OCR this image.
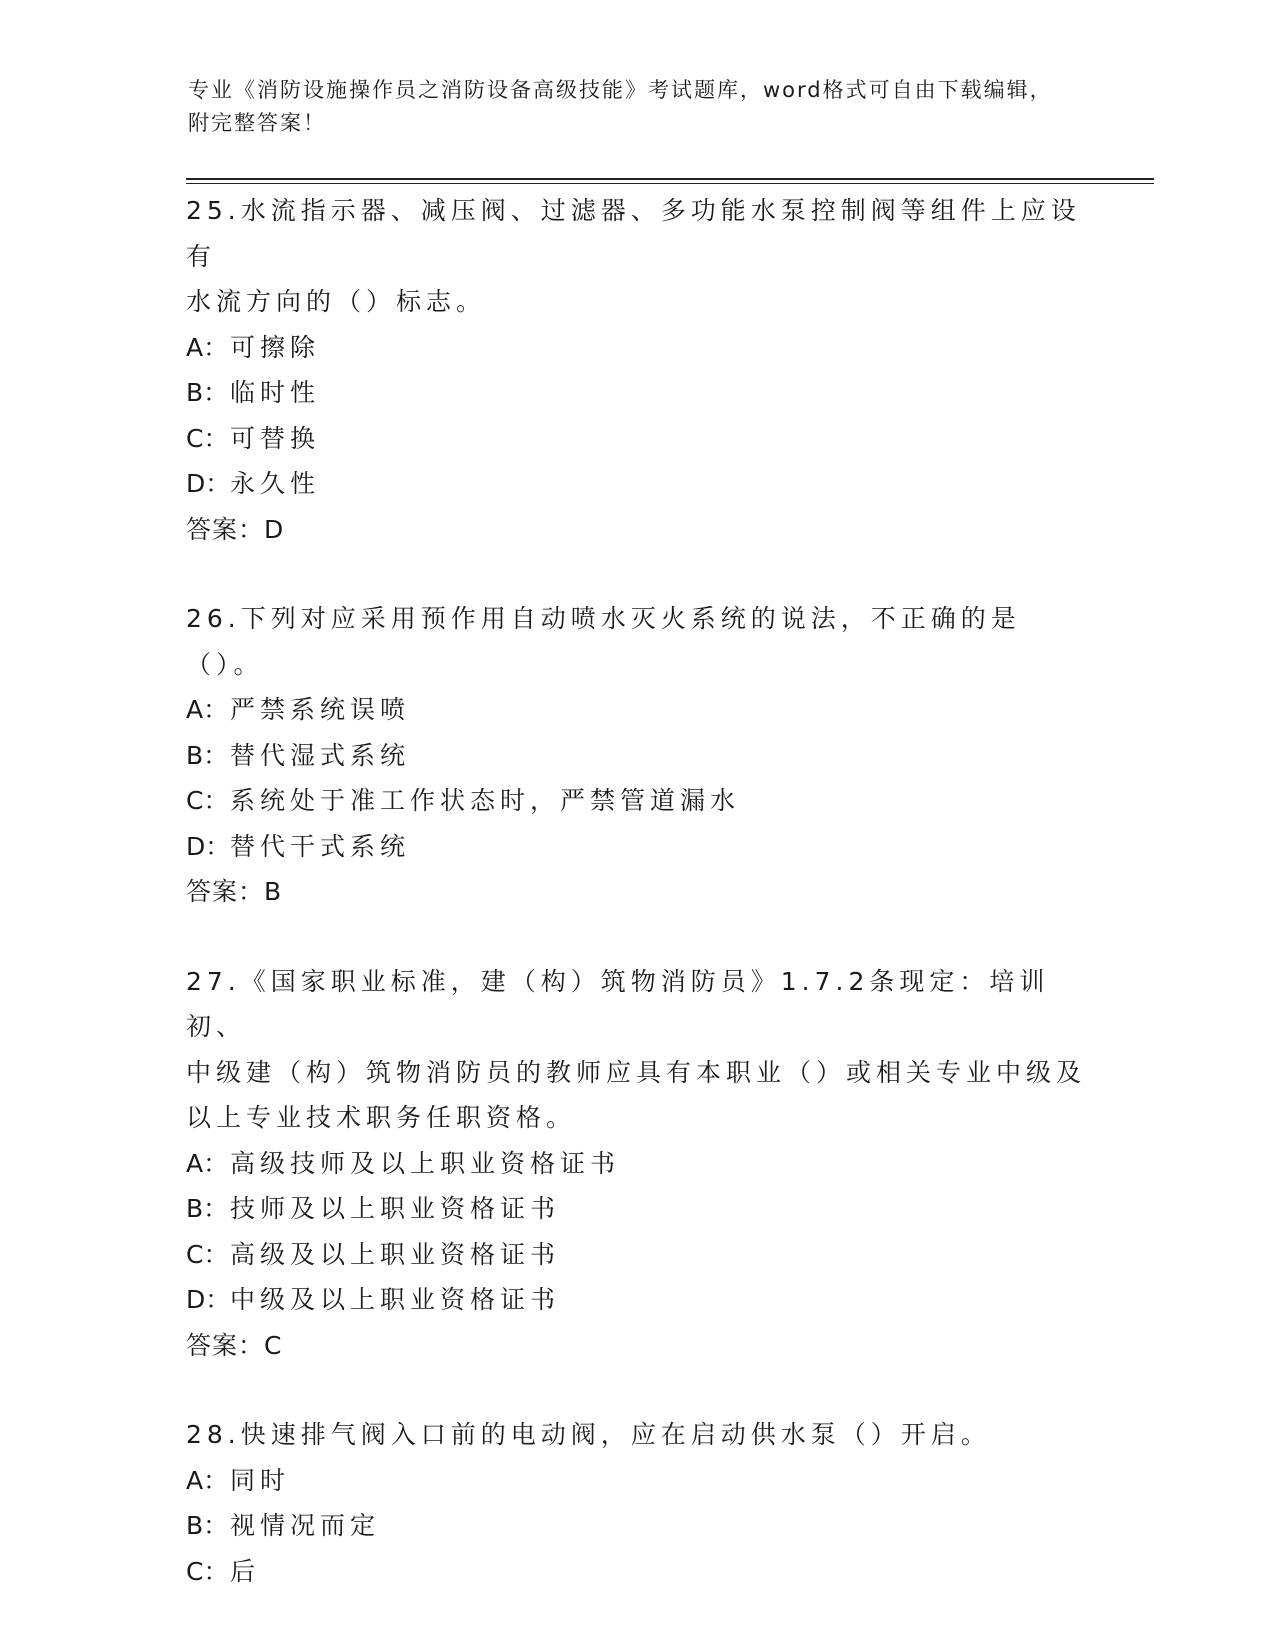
专业《消防设施操作员之消防设备高级技能》考试题库，word格式可自由下载编辑，附完整答案！
25.水流指示器、减压阀、过滤器、多功能水泵控制阀等组件上应设有
水流方向的（）标志。
A：可擦除
B：临时性
C：可替换
D：永久性
答案：D
26.下列对应采用预作用自动喷水灭火系统的说法，不正确的是（）。
A：严禁系统误喷
B：替代湿式系统
C：系统处于准工作状态时，严禁管道漏水
D：替代干式系统
答案：B
27.《国家职业标准，建（构）筑物消防员》1.7.2条现定：培训初、
中级建（构）筑物消防员的教师应具有本职业（）或相关专业中级及
以上专业技术职务任职资格。
A：高级技师及以上职业资格证书
B：技师及以上职业资格证书
C：高级及以上职业资格证书
D：中级及以上职业资格证书
答案：C
28.快速排气阀入口前的电动阀，应在启动供水泵（）开启。
A：同时
B：视情况而定
C：后
